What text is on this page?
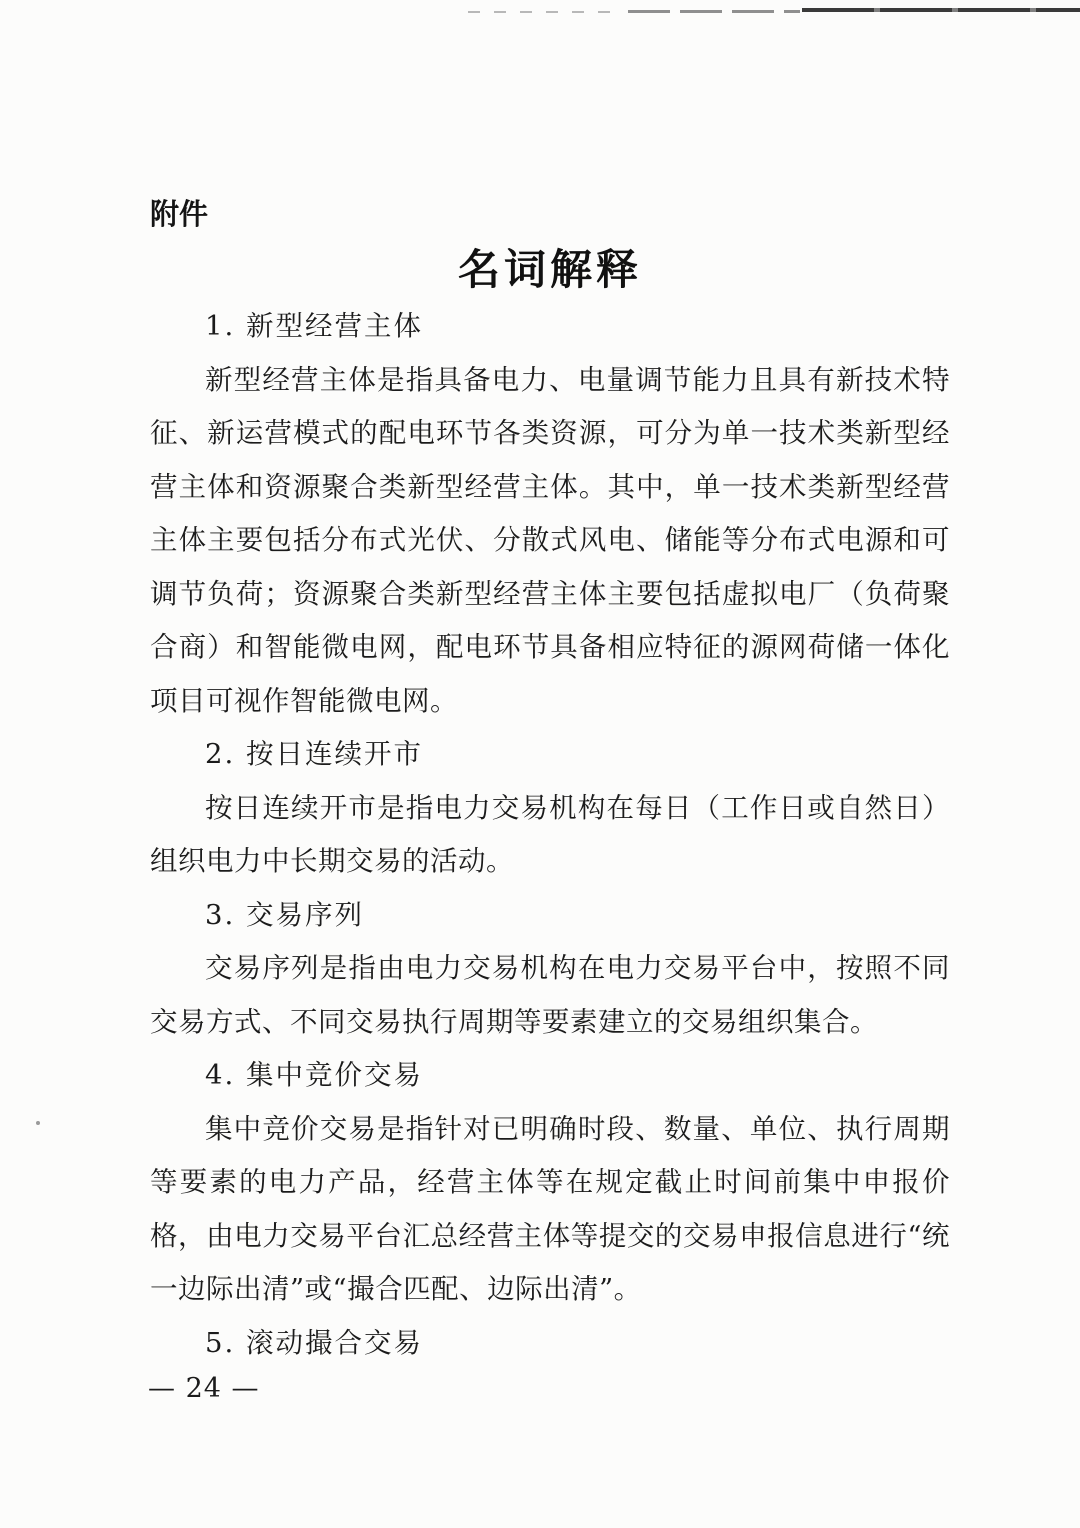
附件
名词解释
1. 新型经营主体

新型经营主体是指具备电力、电量调节能力且具有新技术特征、新运营模式的配电环节各类资源，可分为单一技术类新型经营主体和资源聚合类新型经营主体。其中，单一技术类新型经营主体主要包括分布式光伏、分散式风电、储能等分布式电源和可调节负荷；资源聚合类新型经营主体主要包括虚拟电厂（负荷聚合商）和智能微电网，配电环节具备相应特征的源网荷储一体化项目可视作智能微电网。

2. 按日连续开市

按日连续开市是指电力交易机构在每日（工作日或自然日）组织电力中长期交易的活动。

3. 交易序列

交易序列是指由电力交易机构在电力交易平台中，按照不同交易方式、不同交易执行周期等要素建立的交易组织集合。

4. 集中竞价交易

集中竞价交易是指针对已明确时段、数量、单位、执行周期等要素的电力产品，经营主体等在规定截止时间前集中申报价格，由电力交易平台汇总经营主体等提交的交易申报信息进行“统一边际出清”或“撮合匹配、边际出清”。

5. 滚动撮合交易
— 24 —
